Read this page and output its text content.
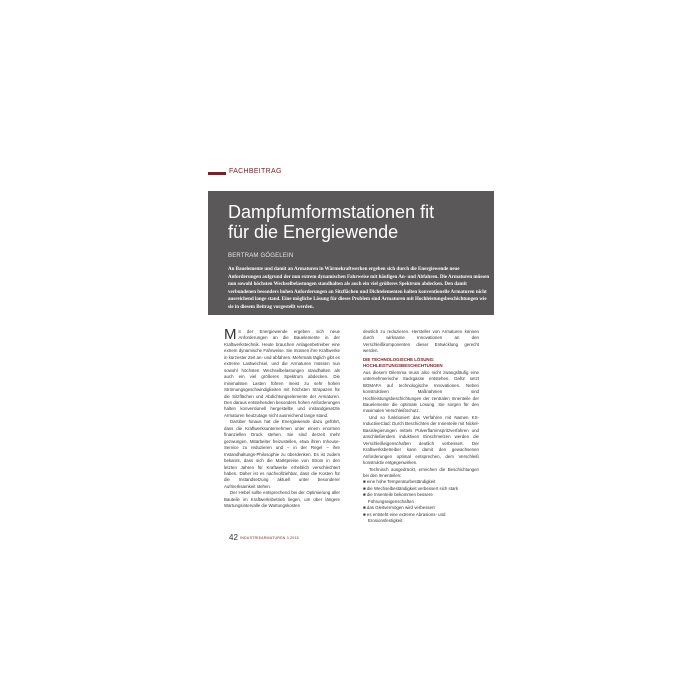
FACHBEITRAG
Dampfumformstationen fit
für die Energiewende
BERTRAM GÖGELEIN

An Bauelemente und damit an Armaturen in Wärmekraftwerken ergeben sich durch die Energiewende neue Anforderungen aufgrund der nun extrem dynamischen Fahrweise mit häufigen An- und Abfahren. Die Armaturen müssen nun sowohl höchsten Wechselbelastungen standhalten als auch ein viel größeres Spektrum abdecken. Den damit verbundenen besonders hohen Anforderungen an Sitzflächen und Dichtelementen halten konventionelle Armaturen nicht ausreichend lange stand. Eine mögliche Lösung für dieses Problem sind Armaturen mit Hochleistungsbeschichtungen wie sie in diesem Beitrag vorgestellt werden.

Mit der Energiewende ergeben sich neue Anforderungen an die Bauelemente in der Kraftwerkstechnik. Heute brauchen Anlagenbetreiber eine extrem dynamische Fahrweise. Sie müssen ihre Kraftwerke in kürzester Zeit an- und abfahren. Mehrmals täglich gibt es extreme Lastwechsel, und die Armaturen müssen nun sowohl höchsten Wechselbelastungen standhalten als auch ein viel größeres Spektrum abdecken. Die minimalsten Lasten führen meist zu sehr hohen Strömungsgeschwindigkeiten mit höchsten Strapazen für die Sitzflächen und Abdichtungselemente der Armaturen. Den daraus entstehenden besonders hohen Anforderungen halten konventionell hergestellte und instandgesetzte Armaturen heutzutage nicht ausreichend lange stand.

Darüber hinaus hat die Energiewende dazu geführt, dass die Kraftwerksunternehmen unter einem enormen finanziellen Druck stehen. Sie sind derzeit mehr gezwungen, Mitarbeiter freizustellen, etwa ihren Inhouse-Service zu reduzieren und – in der Regel – ihre Instandhaltungs-Philosophie zu überdenken. Es ist zudem bekannt, dass sich die Marktpreise von Strom in den letzten Jahren für Kraftwerke erheblich verschlechtert haben. Daher ist es nachvollziehbar, dass die Kosten für die Instandsetzung aktuell unter besonderer Aufmerksamkeit stehen.

Der Hebel sollte entsprechend bei der Optimierung aller Bauteile im Kraftwerksbetrieb liegen, um über längere Wartungsintervalle die Wartungskosten

deutlich zu reduzieren. Hersteller von Armaturen können durch wirksame Innovationen an den Verschleißkomponenten dieser Entwicklung gerecht werden.

DIE TECHNOLOGISCHE LÖSUNG:
HOCHLEISTUNGSBESCHICHTUNGEN

Aus diesem Dilemma muss also nicht zwangsläufig eine unternehmerische Sackgasse entstehen. Dafür setzt BOMAFA auf technologische Innovationen. Neben konstruktiven Maßnahmen sind Hochleistungsbeschichtungen der zentralen Innenteile der Bauelemente die optimale Lösung. Sie sorgen für den maximalen Verschleißschutz.

Und so funktioniert das Verfahren mit Namen KS-InductiveClad: Durch Beschichten der Innenteile mit Nickel-Basislegierungen mittels Pulverflammspritzverfahren und anschließendem induktiven Einschmelzen werden die Verschleißeigenschaften deutlich verbessert. Der Kraftwerksbetreiber kann damit den gewachsenen Anforderungen optimal entsprechen, dem Verschleiß konstruktiv entgegenwirken.

Technisch ausgedrückt, erreichen die Beschichtungen bei den Innenteilen:

■ eine hohe Temperaturbeständigkeit

■ die Wechselbeständigkeit verbessert sich stark

■ die Innenteile bekommen bessere

Führungseigenschaften

■ das Gleitvermögen wird verbessert

■ es entsteht eine extreme Abrasions- und

Erosionsfestigkeit

42 INDUSTRIEARMATUREN 3.2015
